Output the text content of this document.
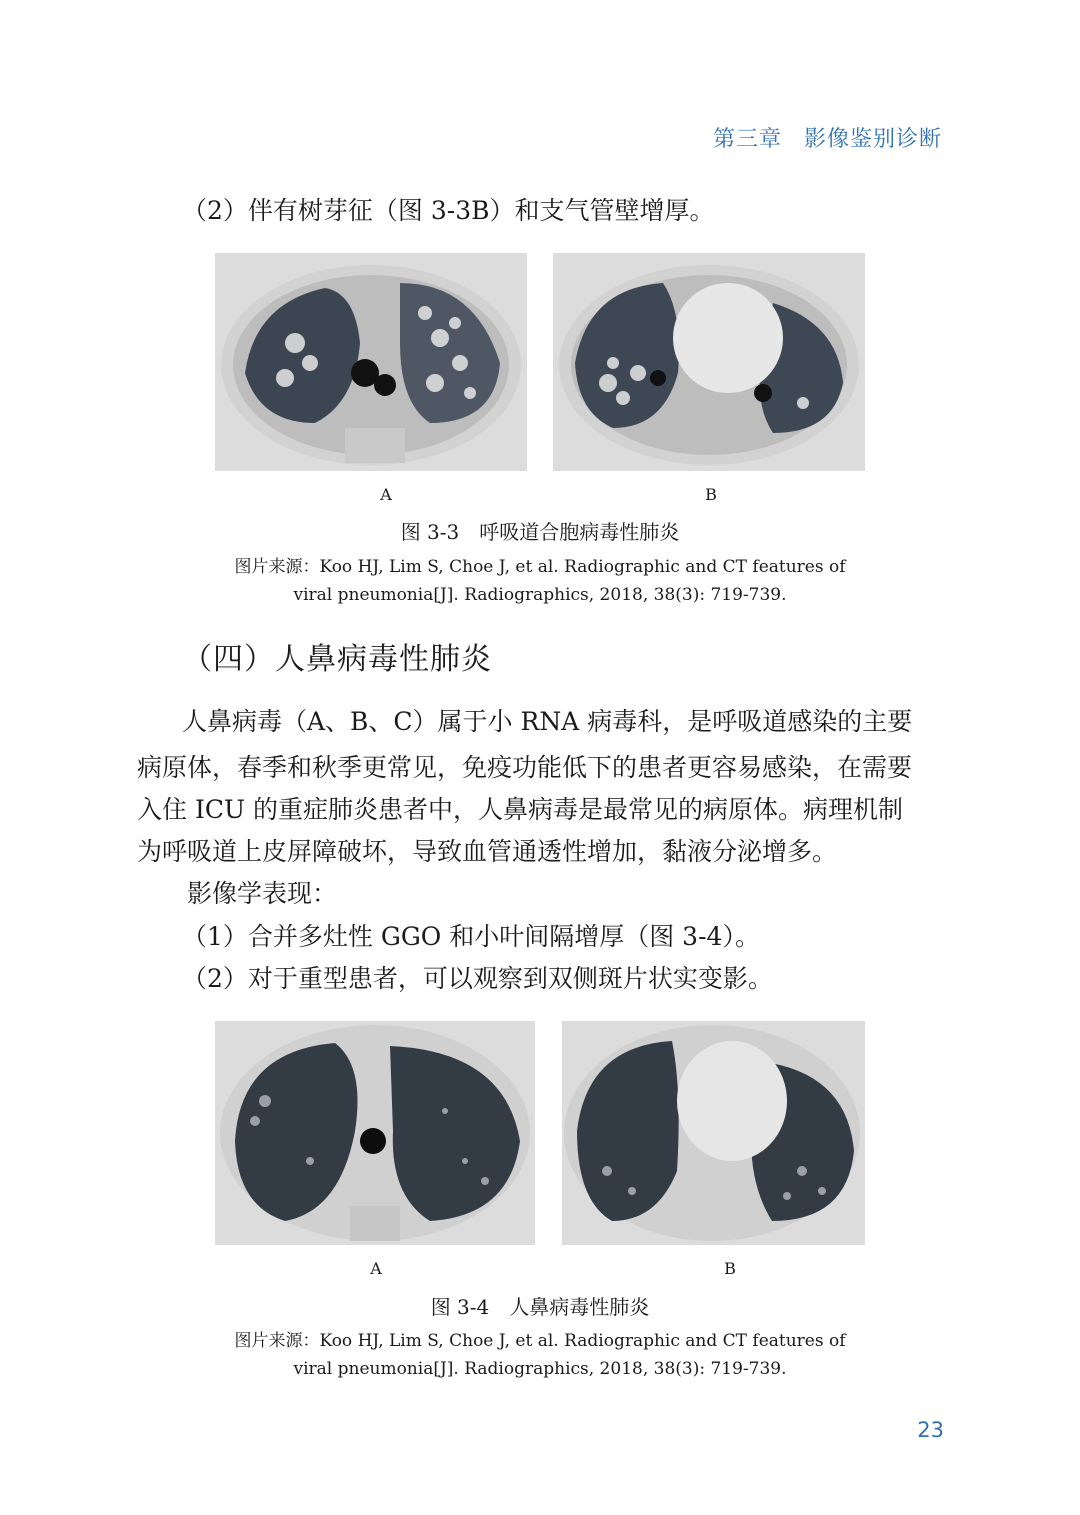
第三章 影像鉴别诊断
（2）伴有树芽征（图 3-3B）和支气管壁增厚。
A	B
图 3-3　呼吸道合胞病毒性肺炎
图片来源：Koo HJ, Lim S, Choe J, et al. Radiographic and CT features of
viral pneumonia[J]. Radiographics, 2018, 38(3): 719-739.
（四）人鼻病毒性肺炎
人鼻病毒（A、B、C）属于小 RNA 病毒科，是呼吸道感染的主要
病原体，春季和秋季更常见，免疫功能低下的患者更容易感染，在需要
入住 ICU 的重症肺炎患者中，人鼻病毒是最常见的病原体。病理机制
为呼吸道上皮屏障破坏，导致血管通透性增加，黏液分泌增多。
影像学表现：
（1）合并多灶性 GGO 和小叶间隔增厚（图 3-4）。
（2）对于重型患者，可以观察到双侧斑片状实变影。
A	B
图 3-4　人鼻病毒性肺炎
图片来源：Koo HJ, Lim S, Choe J, et al. Radiographic and CT features of
viral pneumonia[J]. Radiographics, 2018, 38(3): 719-739.
23
